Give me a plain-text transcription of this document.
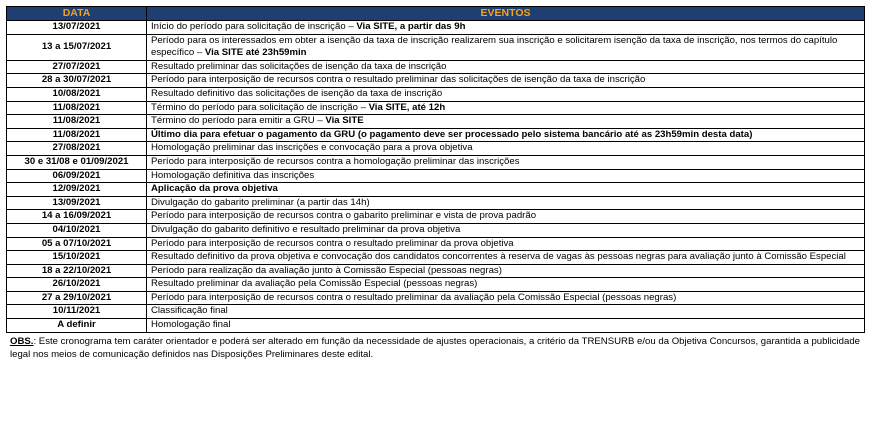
DATA	EVENTOS
13/07/2021	Início do período para solicitação de inscrição – Via SITE, a partir das 9h
13 a 15/07/2021	Período para os interessados em obter a isenção da taxa de inscrição realizarem sua inscrição e solicitarem isenção da taxa de inscrição, nos termos do capítulo específico – Via SITE até 23h59min
27/07/2021	Resultado preliminar das solicitações de isenção da taxa de inscrição
28 a 30/07/2021	Período para interposição de recursos contra o resultado preliminar das solicitações de isenção da taxa de inscrição
10/08/2021	Resultado definitivo das solicitações de isenção da taxa de inscrição
11/08/2021	Término do período para solicitação de inscrição – Via SITE, até 12h
11/08/2021	Término do período para emitir a GRU – Via SITE
11/08/2021	Último dia para efetuar o pagamento da GRU (o pagamento deve ser processado pelo sistema bancário até as 23h59min desta data)
27/08/2021	Homologação preliminar das inscrições e convocação para a prova objetiva
30 e 31/08 e 01/09/2021	Período para interposição de recursos contra a homologação preliminar das inscrições
06/09/2021	Homologação definitiva das inscrições
12/09/2021	Aplicação da prova objetiva
13/09/2021	Divulgação do gabarito preliminar (a partir das 14h)
14 a 16/09/2021	Período para interposição de recursos contra o gabarito preliminar e vista de prova padrão
04/10/2021	Divulgação do gabarito definitivo e resultado preliminar da prova objetiva
05 a 07/10/2021	Período para interposição de recursos contra o resultado preliminar da prova objetiva
15/10/2021	Resultado definitivo da prova objetiva e convocação dos candidatos concorrentes à reserva de vagas às pessoas negras para avaliação junto à Comissão Especial
18 a 22/10/2021	Período para realização da avaliação junto à Comissão Especial (pessoas negras)
26/10/2021	Resultado preliminar da avaliação pela Comissão Especial (pessoas negras)
27 a 29/10/2021	Período para interposição de recursos contra o resultado preliminar da avaliação pela Comissão Especial (pessoas negras)
10/11/2021	Classificação final
A definir	Homologação final
OBS.: Este cronograma tem caráter orientador e poderá ser alterado em função da necessidade de ajustes operacionais, a critério da TRENSURB e/ou da Objetiva Concursos, garantida a publicidade legal nos meios de comunicação definidos nas Disposições Preliminares deste edital.
